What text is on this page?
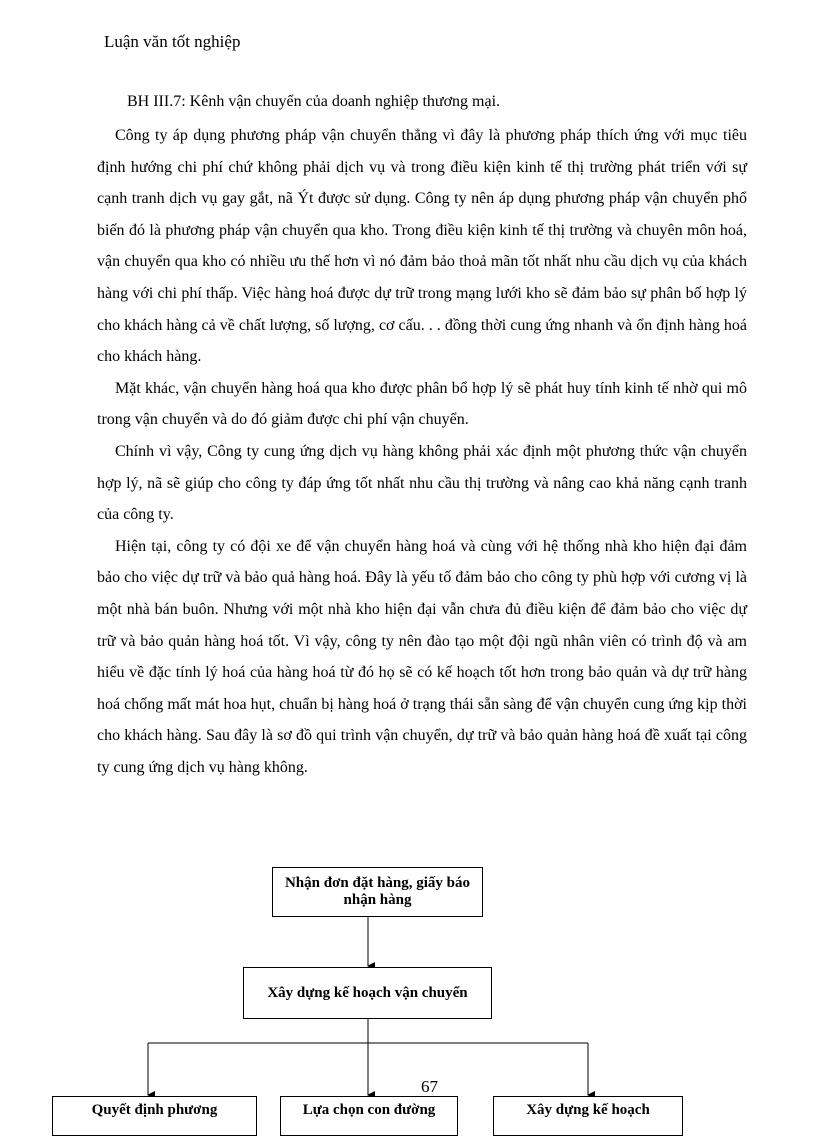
Luận văn tốt nghiệp
BH III.7: Kênh vận chuyển của doanh nghiệp thương mại.

Công ty áp dụng phương pháp vận chuyển thẳng vì đây là phương pháp thích ứng với mục tiêu định hướng chi phí chứ không phải dịch vụ và trong điều kiện kinh tế thị trường phát triển với sự cạnh tranh dịch vụ gay gắt, nã Ýt được sử dụng. Công ty nên áp dụng phương pháp vận chuyển phổ biến đó là phương pháp vận chuyển qua kho. Trong điều kiện kinh tế thị trường và chuyên môn hoá, vận chuyển qua kho có nhiều ưu thế hơn vì nó đảm bảo thoả mãn tốt nhất nhu cầu dịch vụ của khách hàng với chi phí thấp. Việc hàng hoá được dự trữ trong mạng lưới kho sẽ đảm bảo sự phân bố hợp lý cho khách hàng cả về chất lượng, số lượng, cơ cấu. . . đồng thời cung ứng nhanh và ổn định hàng hoá cho khách hàng.

Mặt khác, vận chuyển hàng hoá qua kho được phân bổ hợp lý sẽ phát huy tính kinh tế nhờ qui mô trong vận chuyển và do đó giảm được chi phí vận chuyển.

Chính vì vậy, Công ty cung ứng dịch vụ hàng không phải xác định một phương thức vận chuyển hợp lý, nã sẽ giúp cho công ty đáp ứng tốt nhất nhu cầu thị trường và nâng cao khả năng cạnh tranh của công ty.

Hiện tại, công ty có đội xe để vận chuyển hàng hoá và cùng với hệ thống nhà kho hiện đại đảm bảo cho việc dự trữ và bảo quả hàng hoá. Đây là yếu tố đảm bảo cho công ty phù hợp với cương vị là một nhà bán buôn. Nhưng với một nhà kho hiện đại vẫn chưa đủ điều kiện để đảm bảo cho việc dự trữ và bảo quản hàng hoá tốt. Vì vậy, công ty nên đào tạo một đội ngũ nhân viên có trình độ và am hiểu về đặc tính lý hoá của hàng hoá từ đó họ sẽ có kế hoạch tốt hơn trong bảo quản và dự trữ hàng hoá chống mất mát hoa hụt, chuẩn bị hàng hoá ở trạng thái sẵn sàng để vận chuyển cung ứng kịp thời cho khách hàng. Sau đây là sơ đồ qui trình vận chuyển, dự trữ và bảo quản hàng hoá đề xuất tại công ty cung ứng dịch vụ hàng không.

Nhận đơn đặt hàng, giấy báo nhận hàng
Xây dựng kế hoạch vận chuyển
Quyết định phương	Lựa chọn con đường	Xây dựng kế hoạch
67
